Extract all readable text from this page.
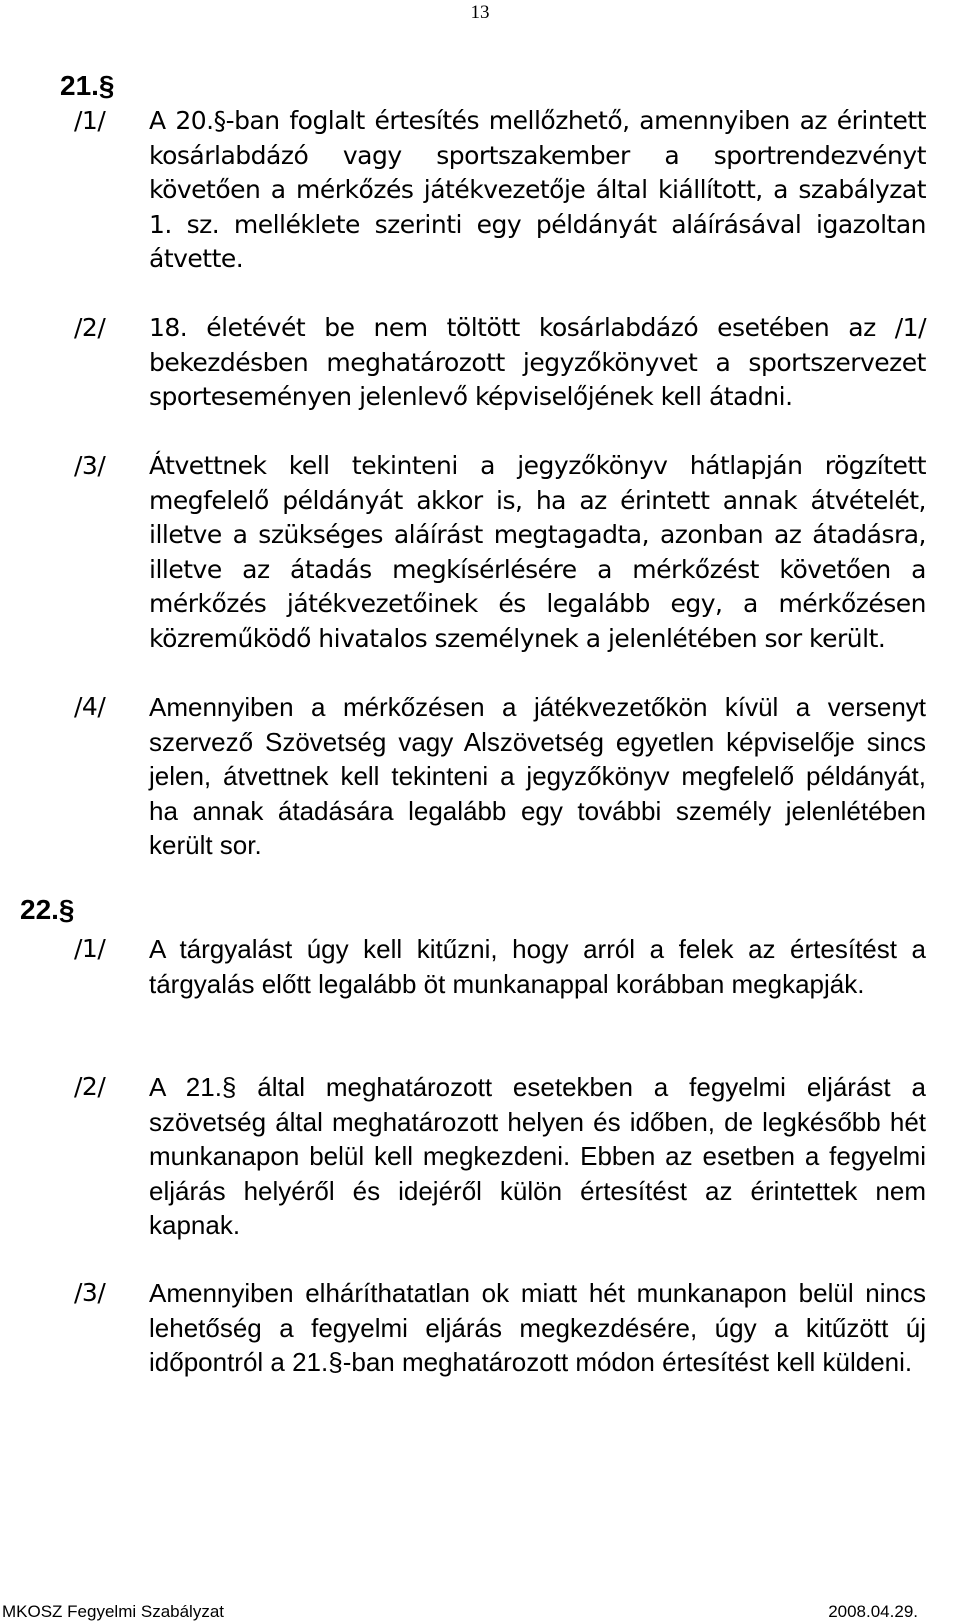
13
21.§
/1/ A 20.§-ban foglalt értesítés mellőzhető, amennyiben az érintett kosárlabdázó vagy sportszakember a sportrendezvényt követően a mérkőzés játékvezetője által kiállított, a szabályzat 1. sz. melléklete szerinti egy példányát aláírásával igazoltan átvette.

/2/ 18. életévét be nem töltött kosárlabdázó esetében az /1/ bekezdésben meghatározott jegyzőkönyvet a sportszervezet sporteseményen jelenlevő képviselőjének kell átadni.

/3/ Átvettnek kell tekinteni a jegyzőkönyv hátlapján rögzített megfelelő példányát akkor is, ha az érintett annak átvételét, illetve a szükséges aláírást megtagadta, azonban az átadásra, illetve az átadás megkísérlésére a mérkőzést követően a mérkőzés játékvezetőinek és legalább egy, a mérkőzésen közreműködő hivatalos személynek a jelenlétében sor került.

/4/ Amennyiben a mérkőzésen a játékvezetőkön kívül a versenyt szervező Szövetség vagy Alszövetség egyetlen képviselője sincs jelen, átvettnek kell tekinteni a jegyzőkönyv megfelelő példányát, ha annak átadására legalább egy további személy jelenlétében került sor.

22.§
/1/ A tárgyalást úgy kell kitűzni, hogy arról a felek az értesítést a tárgyalás előtt legalább öt munkanappal korábban megkapják.

/2/ A 21.§ által meghatározott esetekben a fegyelmi eljárást a szövetség által meghatározott helyen és időben, de legkésőbb hét munkanapon belül kell megkezdeni. Ebben az esetben a fegyelmi eljárás helyéről és idejéről külön értesítést az érintettek nem kapnak.

/3/ Amennyiben elháríthatatlan ok miatt hét munkanapon belül nincs lehetőség a fegyelmi eljárás megkezdésére, úgy a kitűzött új időpontról a 21.§-ban meghatározott módon értesítést kell küldeni.

MKOSZ Fegyelmi Szabályzat	2008.04.29.
